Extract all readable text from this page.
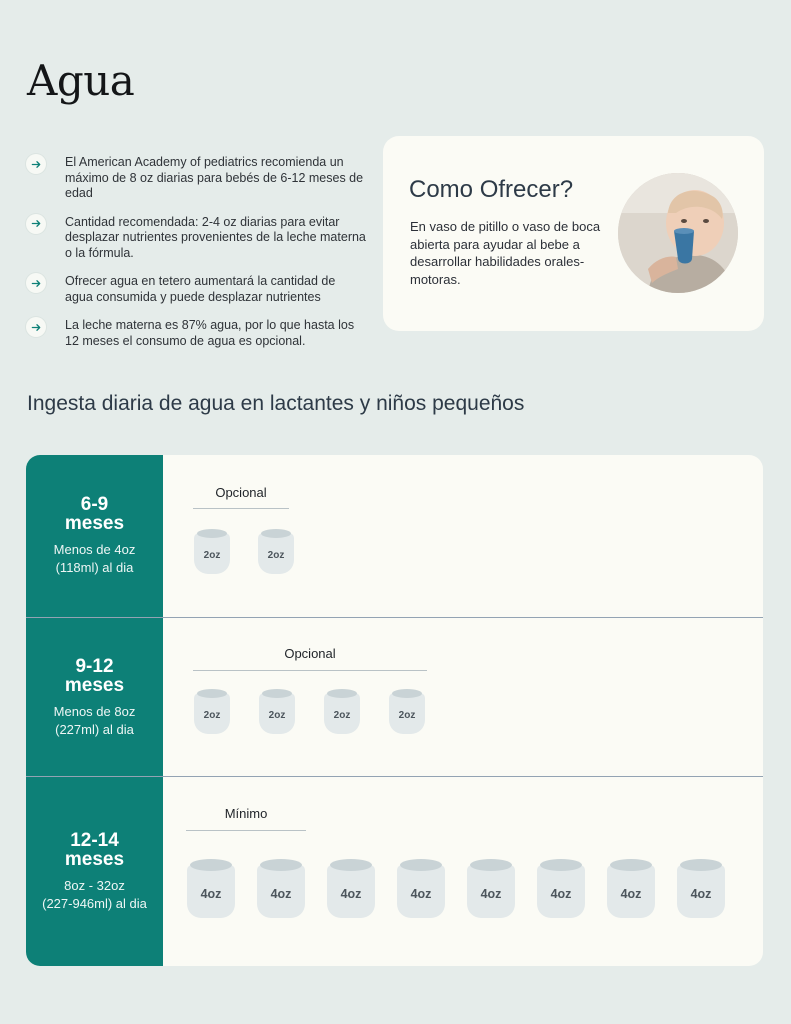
Agua
El American Academy of pediatrics recomienda un máximo de 8 oz diarias para bebés de 6-12 meses de edad
Cantidad recomendada: 2-4 oz diarias para evitar desplazar nutrientes provenientes de la leche materna o la fórmula.
Ofrecer agua en tetero aumentará la cantidad de agua consumida y puede desplazar nutrientes
La leche materna es 87% agua, por lo que hasta los 12 meses el consumo de agua es opcional.
Como Ofrecer?
En vaso de pitillo o vaso de boca abierta para ayudar al bebe a desarrollar habilidades orales-motoras.
Ingesta diaria de agua en lactantes y niños pequeños
6-9 meses
Menos de 4oz
(118ml) al dia
Opcional
2oz	2oz
9-12 meses
Menos de 8oz
(227ml) al dia
Opcional
2oz	2oz	2oz	2oz
12-14 meses
8oz - 32oz
(227-946ml) al dia
Mínimo
4oz	4oz	4oz	4oz	4oz	4oz	4oz	4oz
